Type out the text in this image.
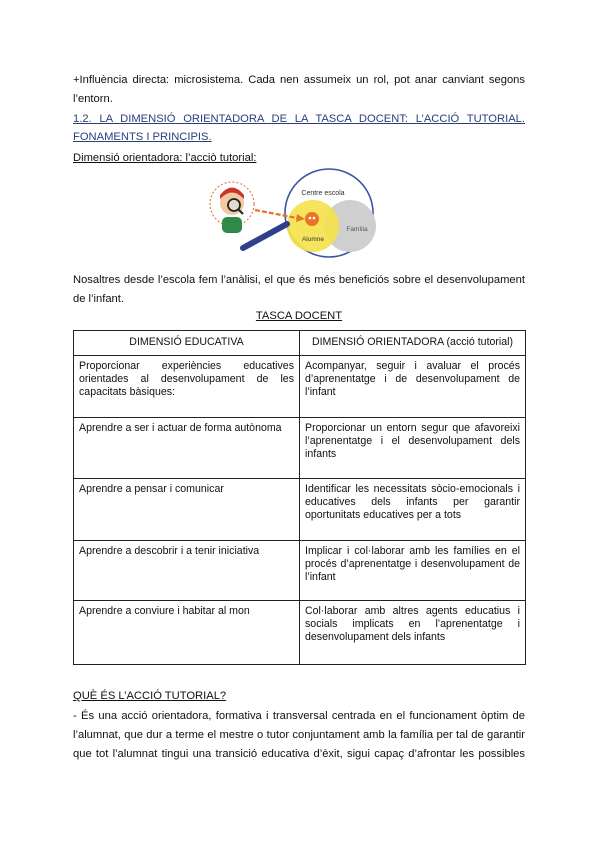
+Influència directa: microsistema. Cada nen assumeix un rol, pot anar canviant segons
l’entorn.
1.2. LA DIMENSIÓ ORIENTADORA DE LA TASCA DOCENT: L’ACCIÓ TUTORIAL.
FONAMENTS I PRINCIPIS.
Dimensió orientadora: l’acciò tutorial:
Centre escola
Alumne
Família
Nosaltres desde l’escola fem l’anàlisi, el que és més beneficiós sobre el desenvolupament
de l’infant.
TASCA DOCENT
DIMENSIÓ EDUCATIVA	DIMENSIÓ ORIENTADORA (acció tutorial)
Proporcionar experiències educatives orientades al desenvolupament de les capacitats bàsiques:	Acompanyar, seguir i avaluar el procés d’aprenentatge i de desenvolupament de l’infant
Aprendre a ser i actuar de forma autònoma	Proporcionar un entorn segur que afavoreixi l’aprenentatge i el desenvolupament dels infants
Aprendre a pensar i comunicar	Identificar les necessitats sòcio-emocionals i educatives dels infants per garantir oportunitats educatives per a tots
Aprendre a descobrir i a tenir iniciativa	Implicar i col·laborar amb les famílies en el procés d’aprenentatge i desenvolupament de l’infant
Aprendre a conviure i habitar al mon	Col·laborar amb altres agents educatius i socials implicats en l’aprenentatge i desenvolupament dels infants
QUÈ ÉS L’ACCIÓ TUTORIAL?
- És una acció orientadora, formativa i transversal centrada en el funcionament òptim de
l’alumnat, que dur a terme el mestre o tutor conjuntament amb la família per tal de garantir
que tot l’alumnat tingui una transició educativa d’èxit, sigui capaç d’afrontar les possibles
